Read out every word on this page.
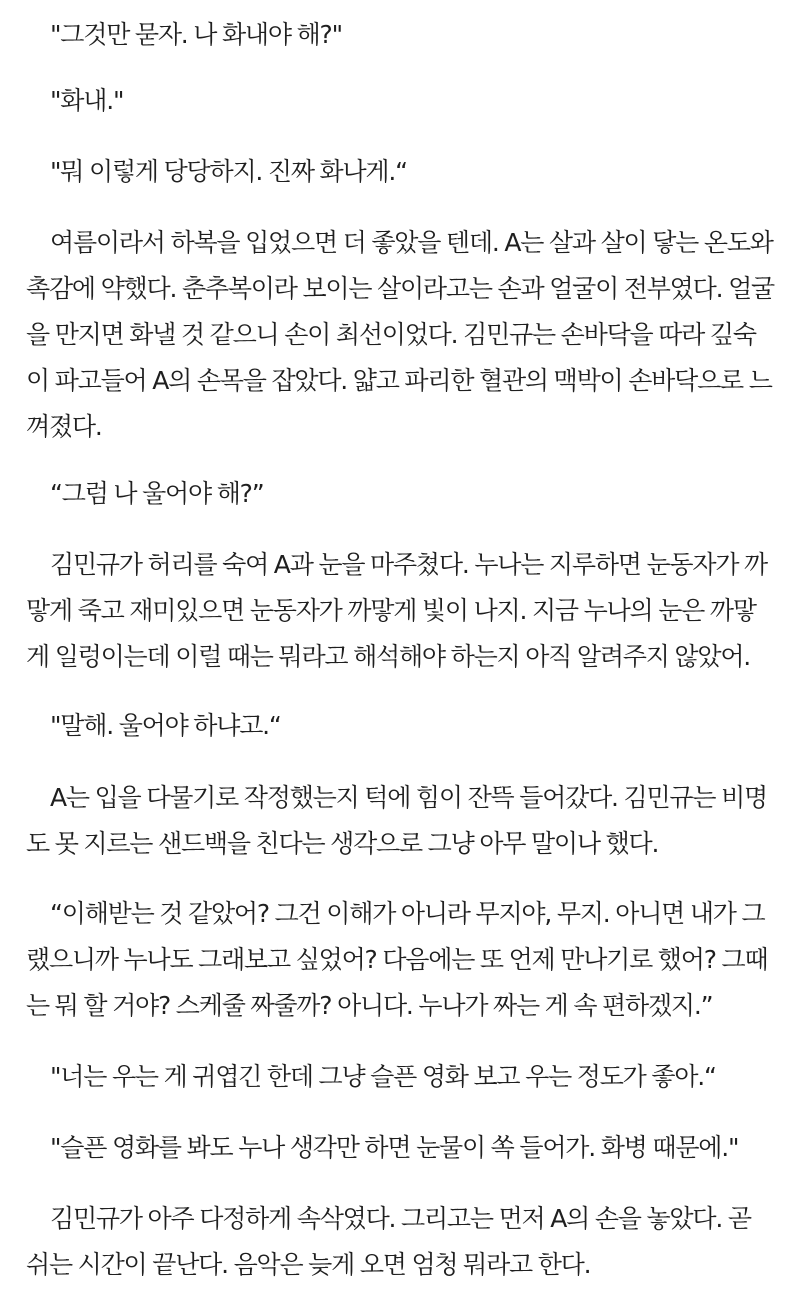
"그것만 묻자. 나 화내야 해?"

"화내."

"뭐 이렇게 당당하지. 진짜 화나게.“

여름이라서 하복을 입었으면 더 좋았을 텐데. A는 살과 살이 닿는 온도와 촉감에 약했다. 춘추복이라 보이는 살이라고는 손과 얼굴이 전부였다. 얼굴을 만지면 화낼 것 같으니 손이 최선이었다. 김민규는 손바닥을 따라 깊숙이 파고들어 A의 손목을 잡았다. 얇고 파리한 혈관의 맥박이 손바닥으로 느껴졌다.

“그럼 나 울어야 해?”

김민규가 허리를 숙여 A과 눈을 마주쳤다. 누나는 지루하면 눈동자가 까맣게 죽고 재미있으면 눈동자가 까맣게 빛이 나지. 지금 누나의 눈은 까맣게 일렁이는데 이럴 때는 뭐라고 해석해야 하는지 아직 알려주지 않았어.

"말해. 울어야 하냐고.“

A는 입을 다물기로 작정했는지 턱에 힘이 잔뜩 들어갔다. 김민규는 비명도 못 지르는 샌드백을 친다는 생각으로 그냥 아무 말이나 했다.

“이해받는 것 같았어? 그건 이해가 아니라 무지야, 무지. 아니면 내가 그랬으니까 누나도 그래보고 싶었어? 다음에는 또 언제 만나기로 했어? 그때는 뭐 할 거야? 스케줄 짜줄까? 아니다. 누나가 짜는 게 속 편하겠지.”

"너는 우는 게 귀엽긴 한데 그냥 슬픈 영화 보고 우는 정도가 좋아.“

"슬픈 영화를 봐도 누나 생각만 하면 눈물이 쏙 들어가. 화병 때문에."

김민규가 아주 다정하게 속삭였다. 그리고는 먼저 A의 손을 놓았다. 곧 쉬는 시간이 끝난다. 음악은 늦게 오면 엄청 뭐라고 한다.
